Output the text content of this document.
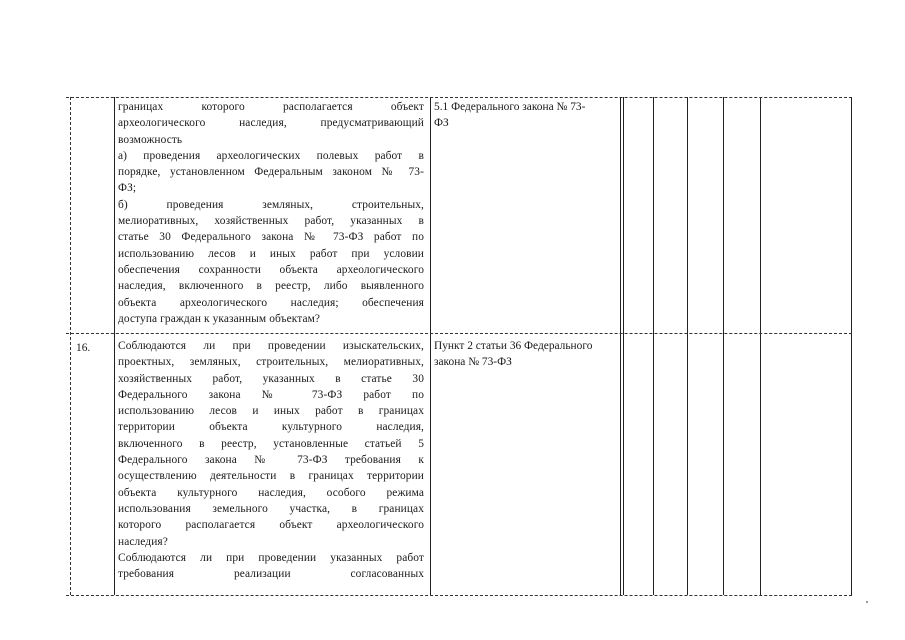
границах которого располагается объект
археологического наследия, предусматривающий
возможность
а) проведения археологических полевых работ в
порядке, установленном Федеральным законом № 73-
ФЗ;
б) проведения земляных, строительных,
мелиоративных, хозяйственных работ, указанных в
статье 30 Федерального закона № 73-ФЗ работ по
использованию лесов и иных работ при условии
обеспечения сохранности объекта археологического
наследия, включенного в реестр, либо выявленного
объекта археологического наследия; обеспечения
доступа граждан к указанным объектам?
5.1 Федерального закона № 73-
ФЗ
16. Соблюдаются ли при проведении изыскательских,
проектных, земляных, строительных, мелиоративных,
хозяйственных работ, указанных в статье 30
Федерального закона № 73-ФЗ работ по
использованию лесов и иных работ в границах
территории объекта культурного наследия,
включенного в реестр, установленные статьей 5
Федерального закона № 73-ФЗ требования к
осуществлению деятельности в границах территории
объекта культурного наследия, особого режима
использования земельного участка, в границах
которого располагается объект археологического
наследия?
Соблюдаются ли при проведении указанных работ
требования реализации согласованных
Пункт 2 статьи 36 Федерального
закона № 73-ФЗ
